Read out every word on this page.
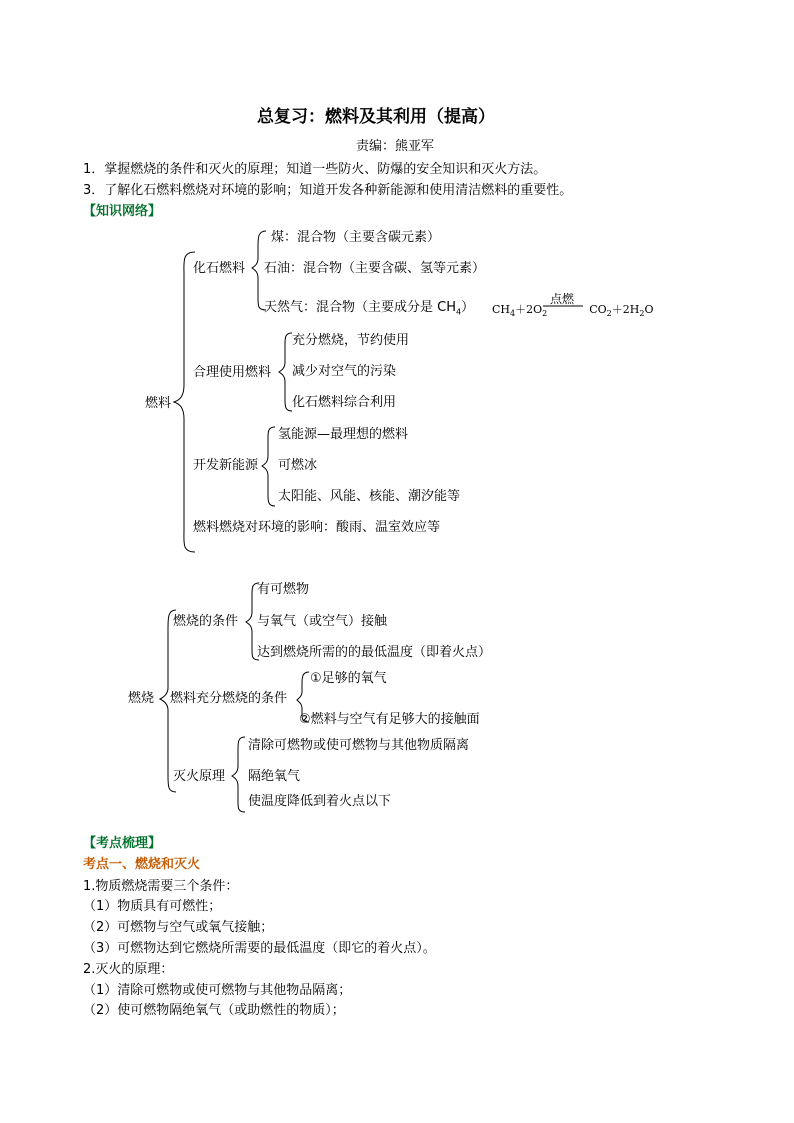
总复习：燃料及其利用（提高）
责编：熊亚军
1．掌握燃烧的条件和灭火的原理；知道一些防火、防爆的安全知识和灭火方法。
3．了解化石燃料燃烧对环境的影响；知道开发各种新能源和使用清洁燃料的重要性。
【知识网络】
燃料
化石燃料
煤：混合物（主要含碳元素）
石油：混合物（主要含碳、氢等元素）
天然气：混合物（主要成分是 $CH_4$） $CH_4+2O_2$	$CO_2+2H_2O$
点燃
合理使用燃料
充分燃烧，节约使用
减少对空气的污染
化石燃料综合利用
开发新能源
氢能源—最理想的燃料
可燃冰
太阳能、风能、核能、潮汐能等
燃料燃烧对环境的影响：酸雨、温室效应等
燃烧
燃烧的条件
有可燃物
与氧气（或空气）接触
达到燃烧所需的的最低温度（即着火点）
燃料充分燃烧的条件
①足够的氧气
②燃料与空气有足够大的接触面
灭火原理
清除可燃物或使可燃物与其他物质隔离
隔绝氧气
使温度降低到着火点以下
【考点梳理】
考点一、燃烧和灭火
1.物质燃烧需要三个条件：
（1）物质具有可燃性；
（2）可燃物与空气或氧气接触；
（3）可燃物达到它燃烧所需要的最低温度（即它的着火点）。
2.灭火的原理：
（1）清除可燃物或使可燃物与其他物品隔离；
（2）使可燃物隔绝氧气（或助燃性的物质）；
